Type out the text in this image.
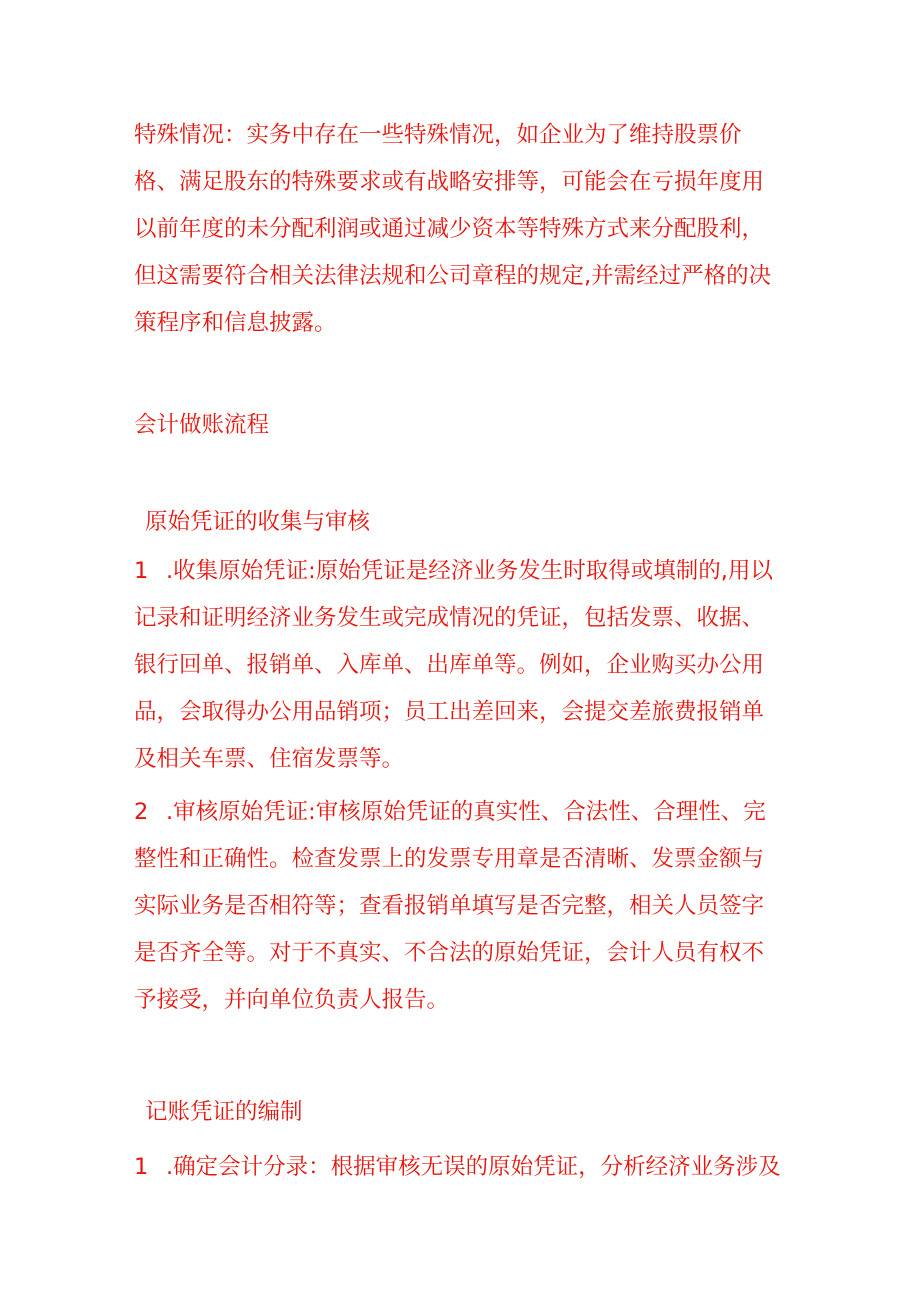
特殊情况：实务中存在一些特殊情况，如企业为了维持股票价
格、满足股东的特殊要求或有战略安排等，可能会在亏损年度用
以前年度的未分配利润或通过减少资本等特殊方式来分配股利，
但这需要符合相关法律法规和公司章程的规定,并需经过严格的决
策程序和信息披露。
会计做账流程
原始凭证的收集与审核
1 .收集原始凭证:原始凭证是经济业务发生时取得或填制的,用以
记录和证明经济业务发生或完成情况的凭证，包括发票、收据、
银行回单、报销单、入库单、出库单等。例如，企业购买办公用
品，会取得办公用品销项；员工出差回来，会提交差旅费报销单
及相关车票、住宿发票等。
2 .审核原始凭证:审核原始凭证的真实性、合法性、合理性、完
整性和正确性。检查发票上的发票专用章是否清晰、发票金额与
实际业务是否相符等；查看报销单填写是否完整，相关人员签字
是否齐全等。对于不真实、不合法的原始凭证，会计人员有权不
予接受，并向单位负责人报告。
记账凭证的编制
1 .确定会计分录：根据审核无误的原始凭证，分析经济业务涉及
